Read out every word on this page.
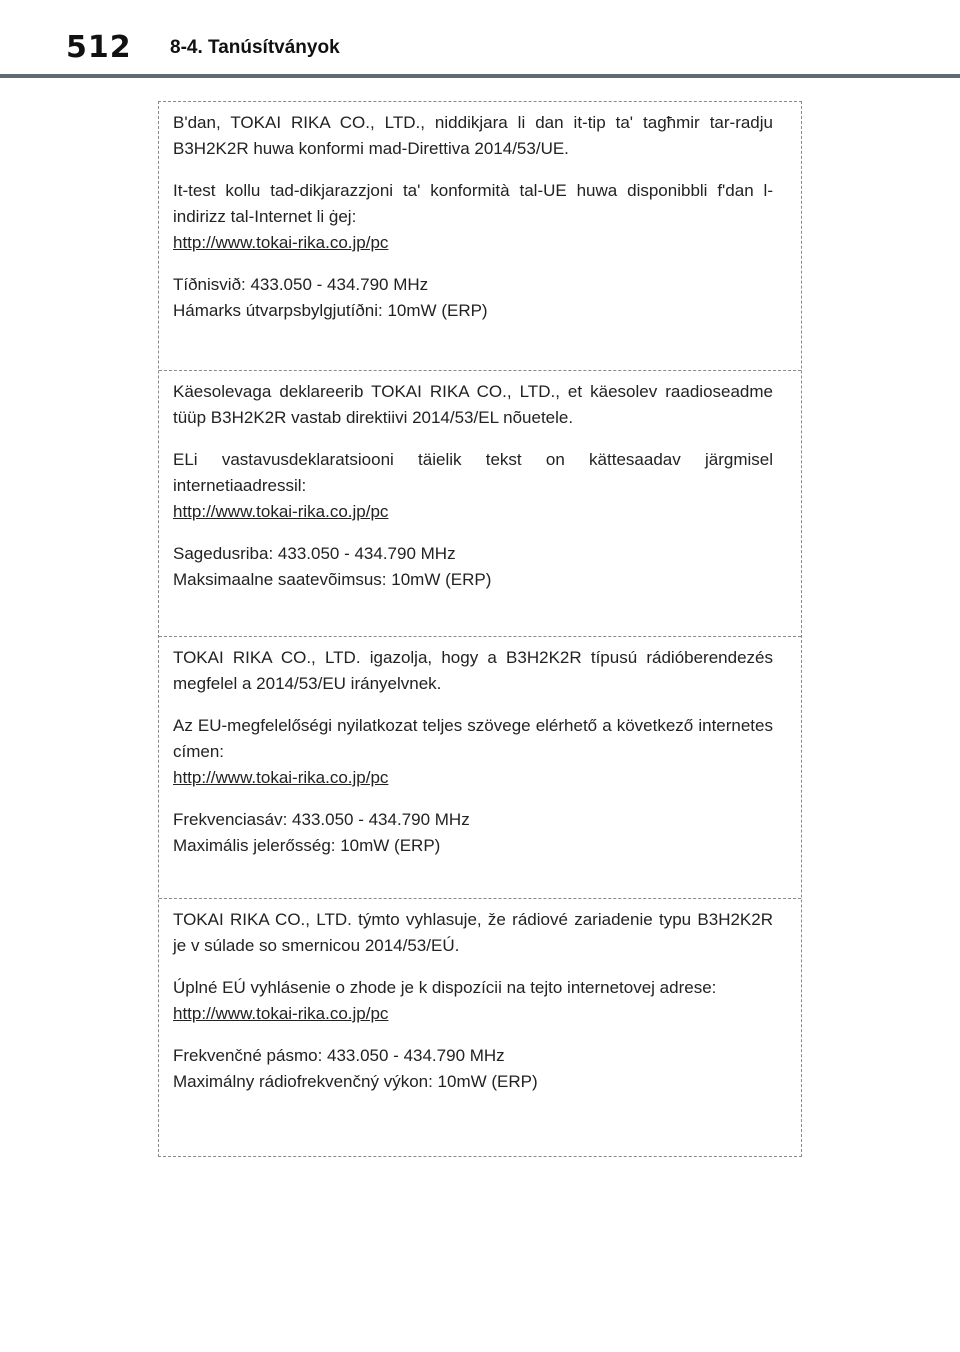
512 8-4. Tanúsítványok

B'dan, TOKAI RIKA CO., LTD., niddikjara li dan it-tip ta' tagħmir tar-radju B3H2K2R huwa konformi mad-Direttiva 2014/53/UE.

It-test kollu tad-dikjarazzjoni ta' konformità tal-UE huwa disponibbli f'dan l-indirizz tal-Internet li ġej:

http://www.tokai-rika.co.jp/pc

Tíðnisvið: 433.050 - 434.790 MHz

Hámarks útvarpsbylgjutíðni: 10mW (ERP)

Käesolevaga deklareerib TOKAI RIKA CO., LTD., et käesolev raadioseadme tüüp B3H2K2R vastab direktiivi 2014/53/EL nõuetele.

ELi vastavusdeklaratsiooni täielik tekst on kättesaadav järgmisel internetiaadressil:

http://www.tokai-rika.co.jp/pc

Sagedusriba: 433.050 - 434.790 MHz

Maksimaalne saatevõimsus: 10mW (ERP)

TOKAI RIKA CO., LTD. igazolja, hogy a B3H2K2R típusú rádióberendezés megfelel a 2014/53/EU irányelvnek.

Az EU-megfelelőségi nyilatkozat teljes szövege elérhető a következő internetes címen:

http://www.tokai-rika.co.jp/pc

Frekvenciasáv: 433.050 - 434.790 MHz

Maximális jelerősség: 10mW (ERP)

TOKAI RIKA CO., LTD. týmto vyhlasuje, že rádiové zariadenie typu B3H2K2R je v súlade so smernicou 2014/53/EÚ.

Úplné EÚ vyhlásenie o zhode je k dispozícii na tejto internetovej adrese:

http://www.tokai-rika.co.jp/pc

Frekvenčné pásmo: 433.050 - 434.790 MHz

Maximálny rádiofrekvenčný výkon: 10mW (ERP)
